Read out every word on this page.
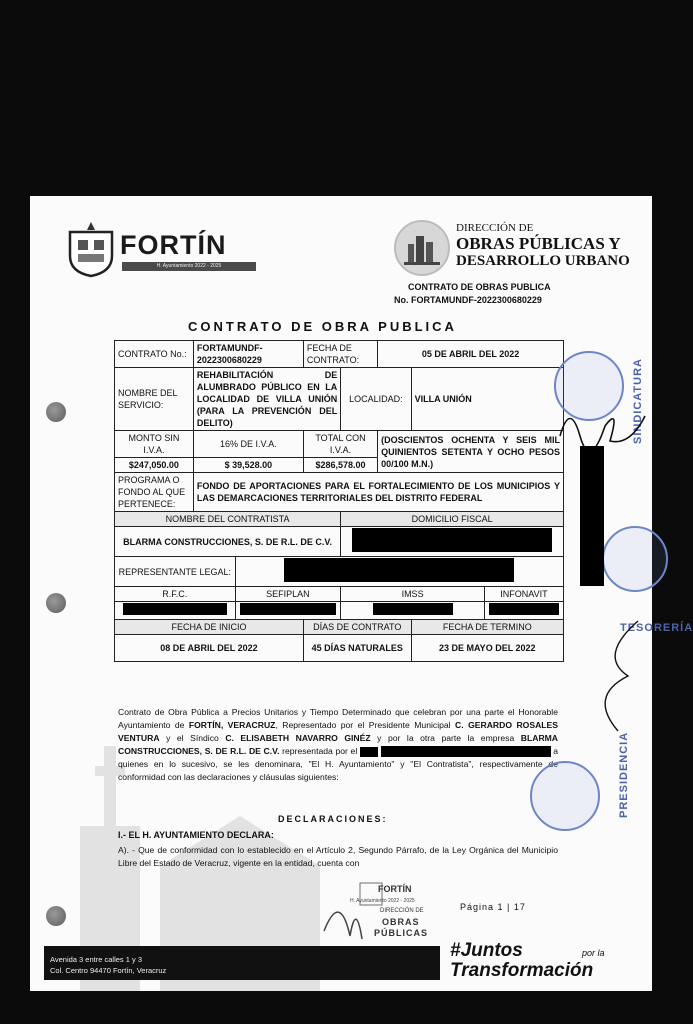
FORTÍN
H. Ayuntamiento 2022 - 2025
DIRECCIÓN DE
OBRAS PÚBLICAS Y
DESARROLLO URBANO
CONTRATO DE OBRAS PUBLICA
No. FORTAMUNDF-2022300680229
CONTRATO DE OBRA PUBLICA
CONTRATO No.:	FORTAMUNDF-2022300680229		FECHA DE CONTRATO:		05 DE ABRIL DEL 2022		
NOMBRE DEL SERVICIO:	REHABILITACIÓN DE ALUMBRADO PÚBLICO EN LA LOCALIDAD DE VILLA UNIÓN (PARA LA PREVENCIÓN DEL DELITO)			LOCALIDAD:		VILLA UNIÓN	
MONTO SIN I.V.A.	16% DE I.V.A.		TOTAL CON I.V.A.		(DOSCIENTOS OCHENTA Y SEIS MIL QUINIENTOS SETENTA Y OCHO PESOS 00/100 M.N.)		
$247,050.00	$ 39,528.00		$286,578.00				
PROGRAMA O FONDO AL QUE PERTENECE:	FONDO DE APORTACIONES PARA EL FORTALECIMIENTO DE LOS MUNICIPIOS Y LAS DEMARCACIONES TERRITORIALES DEL DISTRITO FEDERAL						
NOMBRE DEL CONTRATISTA				DOMICILIO FISCAL			
BLARMA CONSTRUCCIONES, S. DE R.L. DE C.V.							
REPRESENTANTE LEGAL:							
R.F.C.		SEFIPLAN		IMSS			INFONAVIT

FECHA DE INICIO			DÍAS DE CONTRATO			FECHA DE TERMINO	
08 DE ABRIL DEL 2022			45 DÍAS NATURALES			23 DE MAYO DEL 2022	
Contrato de Obra Pública a Precios Unitarios y Tiempo Determinado que celebran por una parte el Honorable Ayuntamiento de FORTÍN, VERACRUZ, Representado por el Presidente Municipal C. GERARDO ROSALES VENTURA y el Síndico C. ELISABETH NAVARRO GINÉZ y por la otra parte la empresa BLARMA CONSTRUCCIONES, S. DE R.L. DE C.V. representada por el	a quienes en lo sucesivo, se les denominara, "El H. Ayuntamiento" y "El Contratista", respectivamente de conformidad con las declaraciones y cláusulas siguientes:
DECLARACIONES:
I.- EL H. AYUNTAMIENTO DECLARA:
A). - Que de conformidad con lo establecido en el Artículo 2, Segundo Párrafo, de la Ley Orgánica del Municipio Libre del Estado de Veracruz, vigente en la entidad, cuenta con
FORTÍN
H. Ayuntamiento 2022 - 2025
DIRECCIÓN DE
OBRAS
PÚBLICAS
Página 1 | 17
Avenida 3 entre calles 1 y 3
Col. Centro 94470 Fortín, Veracruz
#Juntos	por la
Transformación
SINDICATURA
TESORERÍA
PRESIDENCIA
